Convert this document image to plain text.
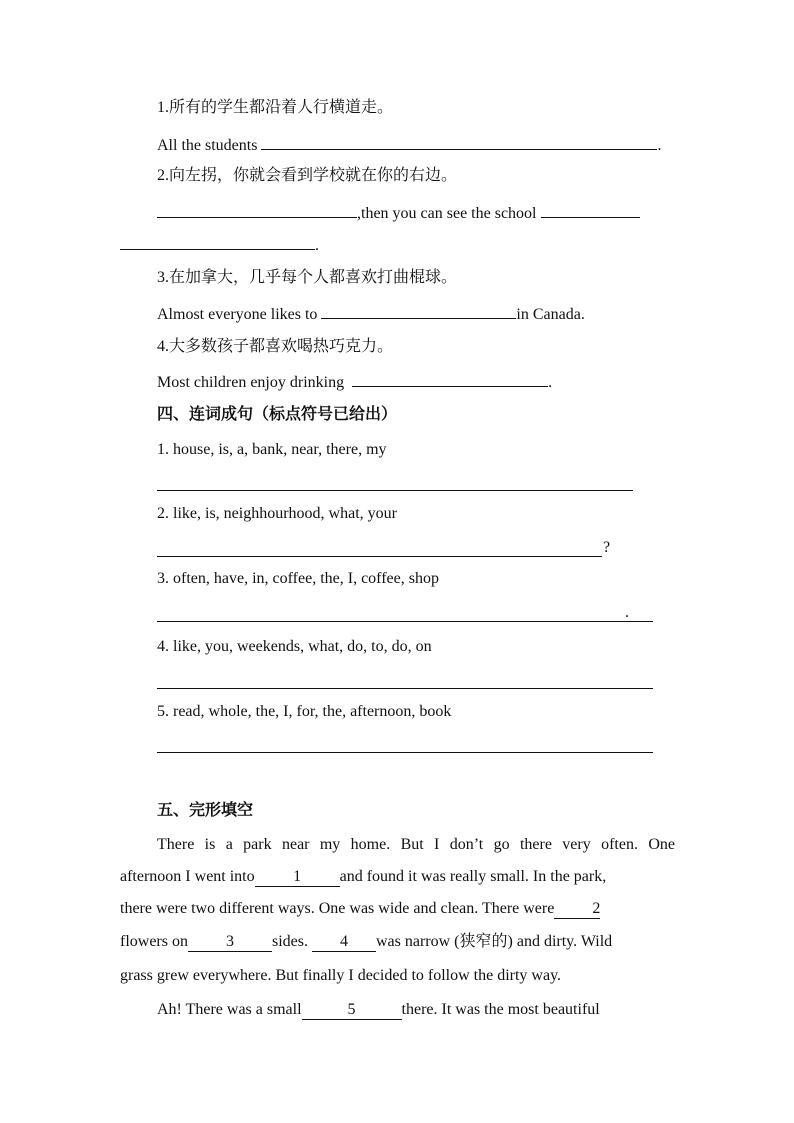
1.所有的学生都沿着人行横道走。
All the students	.
2.向左拐，你就会看到学校就在你的右边。
,then you can see the school
.
3.在加拿大，几乎每个人都喜欢打曲棍球。
Almost everyone likes to	in Canada.
4.大多数孩子都喜欢喝热巧克力。
Most children enjoy drinking	.
四、连词成句（标点符号已给出）
1. house, is, a, bank, near, there, my
2. like, is, neighhourhood, what, your
?
3. often, have, in, coffee, the, I, coffee, shop
.
4. like, you, weekends, what, do, to, do, on
5. read, whole, the, I, for, the, afternoon, book
五、完形填空
There is a park near my home. But I don’t go there very often. One
afternoon I went into 1 and found it was really small. In the park,
there were two different ways. One was wide and clean. There were 2
flowers on 3 sides. 4 was narrow (狭窄的) and dirty. Wild
grass grew everywhere. But finally I decided to follow the dirty way.
Ah! There was a small	5	there. It was the most beautiful
